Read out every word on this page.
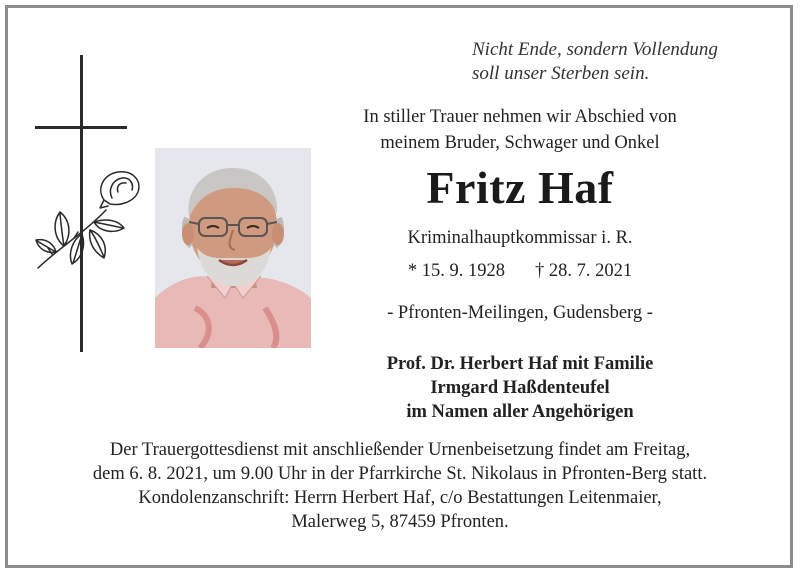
Nicht Ende, sondern Vollendung
soll unser Sterben sein.
In stiller Trauer nehmen wir Abschied von
meinem Bruder, Schwager und Onkel
Fritz Haf
Kriminalhauptkommissar i. R.
* 15. 9. 1928 † 28. 7. 2021
- Pfronten-Meilingen, Gudensberg -
Prof. Dr. Herbert Haf mit Familie
Irmgard Haßdenteufel
im Namen aller Angehörigen
Der Trauergottesdienst mit anschließender Urnenbeisetzung findet am Freitag,
dem 6. 8. 2021, um 9.00 Uhr in der Pfarrkirche St. Nikolaus in Pfronten-Berg statt.
Kondolenzanschrift: Herrn Herbert Haf, c/o Bestattungen Leitenmaier,
Malerweg 5, 87459 Pfronten.
